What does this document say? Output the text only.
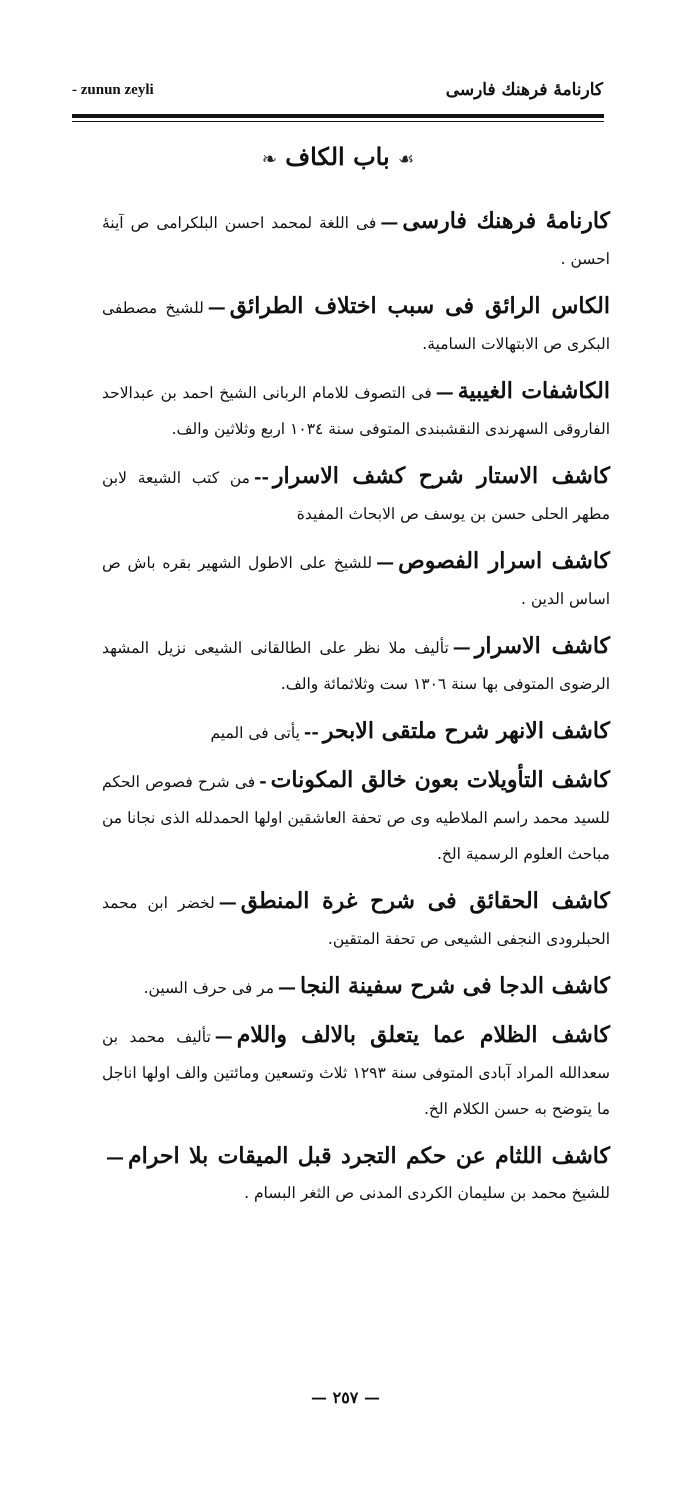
- zunun zeyli	كارنامهٔ فرهنك فارسى
☙ باب الكاف ❧
كارنامهٔ فرهنك فارسى—فى اللغة لمحمد احسن البلكرامى ص آينهٔ احسن .
الكاس الرائق فى سبب اختلاف الطرائق—للشيخ مصطفى البكرى ص الابتهالات السامية.
الكاشفات الغيبية—فى التصوف للامام الربانى الشيخ احمد بن عبدالاحد الفاروقى السهرندى النقشبندى المتوفى سنة ١٠٣٤ اربع وثلاثين والف.
كاشف الاستار شرح كشف الاسرار--من كتب الشيعة لابن مطهر الحلى حسن بن يوسف ص الابحاث المفيدة
كاشف اسرار الفصوص—للشيخ على الاطول الشهير بقره باش ص اساس الدين .
كاشف الاسرار—تأليف ملا نظر على الطالقانى الشيعى نزيل المشهد الرضوى المتوفى بها سنة ١٣٠٦ ست وثلاثمائة والف.
كاشف الانهر شرح ملتقى الابحر--يأتى فى الميم
كاشف التأويلات بعون خالق المكونات-فى شرح فصوص الحكم للسيد محمد راسم الملاطيه وى ص تحفة العاشقين اولها الحمدلله الذى نجانا من مباحث العلوم الرسمية الخ.
كاشف الحقائق فى شرح غرة المنطق—لخضر ابن محمد الحبلرودى النجفى الشيعى ص تحفة المتقين.
كاشف الدجا فى شرح سفينة النجا—مر فى حرف السين.
كاشف الظلام عما يتعلق بالالف واللام—تأليف محمد بن سعدالله المراد آبادى المتوفى سنة ١٢٩٣ ثلاث وتسعين ومائتين والف اولها اناجل ما يتوضح به حسن الكلام الخ.
كاشف اللثام عن حكم التجرد قبل الميقات بلا احرام—للشيخ محمد بن سليمان الكردى المدنى ص الثغر البسام .
— ٢٥٧ —
